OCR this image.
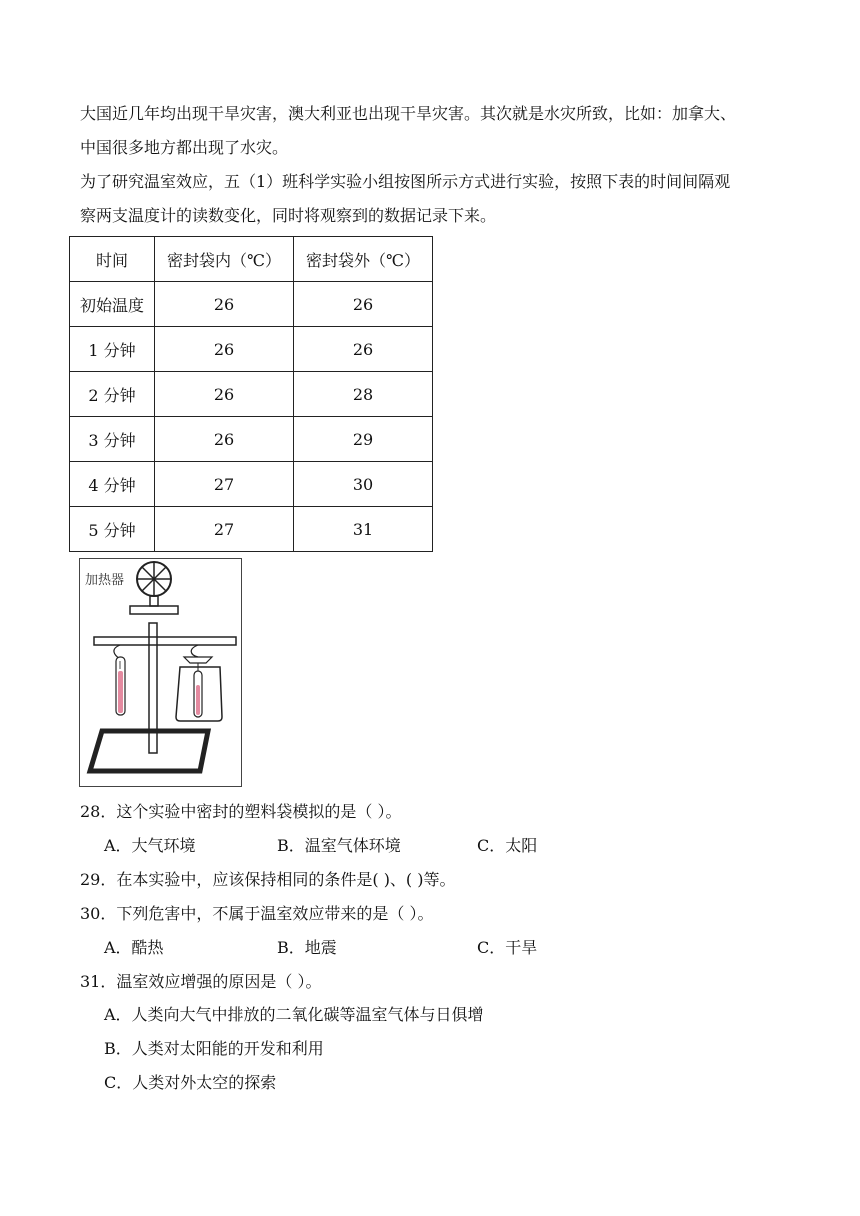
大国近几年均出现干旱灾害，澳大利亚也出现干旱灾害。其次就是水灾所致，比如：加拿大、
中国很多地方都出现了水灾。
为了研究温室效应，五（1）班科学实验小组按图所示方式进行实验，按照下表的时间间隔观
察两支温度计的读数变化，同时将观察到的数据记录下来。
时间	密封袋内（℃）	密封袋外（℃）
初始温度	26	26
1 分钟	26	26
2 分钟	26	28
3 分钟	26	29
4 分钟	27	30
5 分钟	27	31
加热器
28．这个实验中密封的塑料袋模拟的是（ ）。
A．大气环境	B．温室气体环境	C．太阳
29．在本实验中，应该保持相同的条件是( )、( )等。
30．下列危害中，不属于温室效应带来的是（ ）。
A．酷热	B．地震	C．干旱
31．温室效应增强的原因是（ ）。
A．人类向大气中排放的二氧化碳等温室气体与日俱增
B．人类对太阳能的开发和利用
C．人类对外太空的探索
